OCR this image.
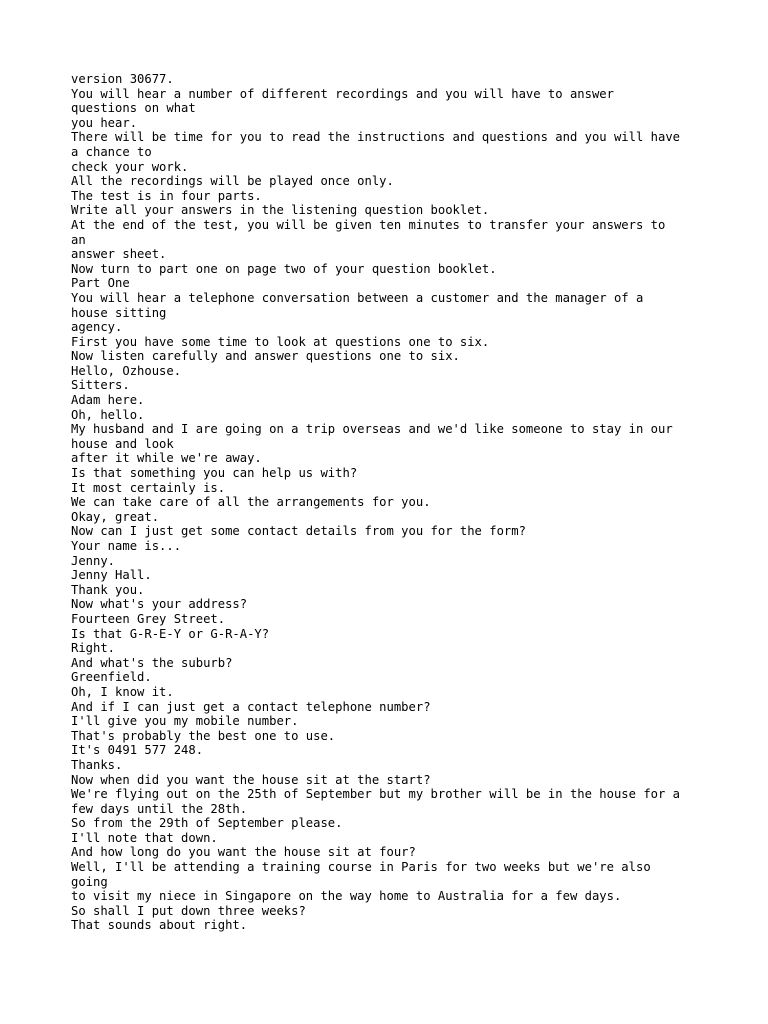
version 30677.
You will hear a number of different recordings and you will have to answer
questions on what
you hear.
There will be time for you to read the instructions and questions and you will have
a chance to
check your work.
All the recordings will be played once only.
The test is in four parts.
Write all your answers in the listening question booklet.
At the end of the test, you will be given ten minutes to transfer your answers to
an
answer sheet.
Now turn to part one on page two of your question booklet.
Part One
You will hear a telephone conversation between a customer and the manager of a
house sitting
agency.
First you have some time to look at questions one to six.
Now listen carefully and answer questions one to six.
Hello, Ozhouse.
Sitters.
Adam here.
Oh, hello.
My husband and I are going on a trip overseas and we'd like someone to stay in our
house and look
after it while we're away.
Is that something you can help us with?
It most certainly is.
We can take care of all the arrangements for you.
Okay, great.
Now can I just get some contact details from you for the form?
Your name is...
Jenny.
Jenny Hall.
Thank you.
Now what's your address?
Fourteen Grey Street.
Is that G-R-E-Y or G-R-A-Y?
Right.
And what's the suburb?
Greenfield.
Oh, I know it.
And if I can just get a contact telephone number?
I'll give you my mobile number.
That's probably the best one to use.
It's 0491 577 248.
Thanks.
Now when did you want the house sit at the start?
We're flying out on the 25th of September but my brother will be in the house for a
few days until the 28th.
So from the 29th of September please.
I'll note that down.
And how long do you want the house sit at four?
Well, I'll be attending a training course in Paris for two weeks but we're also
going
to visit my niece in Singapore on the way home to Australia for a few days.
So shall I put down three weeks?
That sounds about right.
